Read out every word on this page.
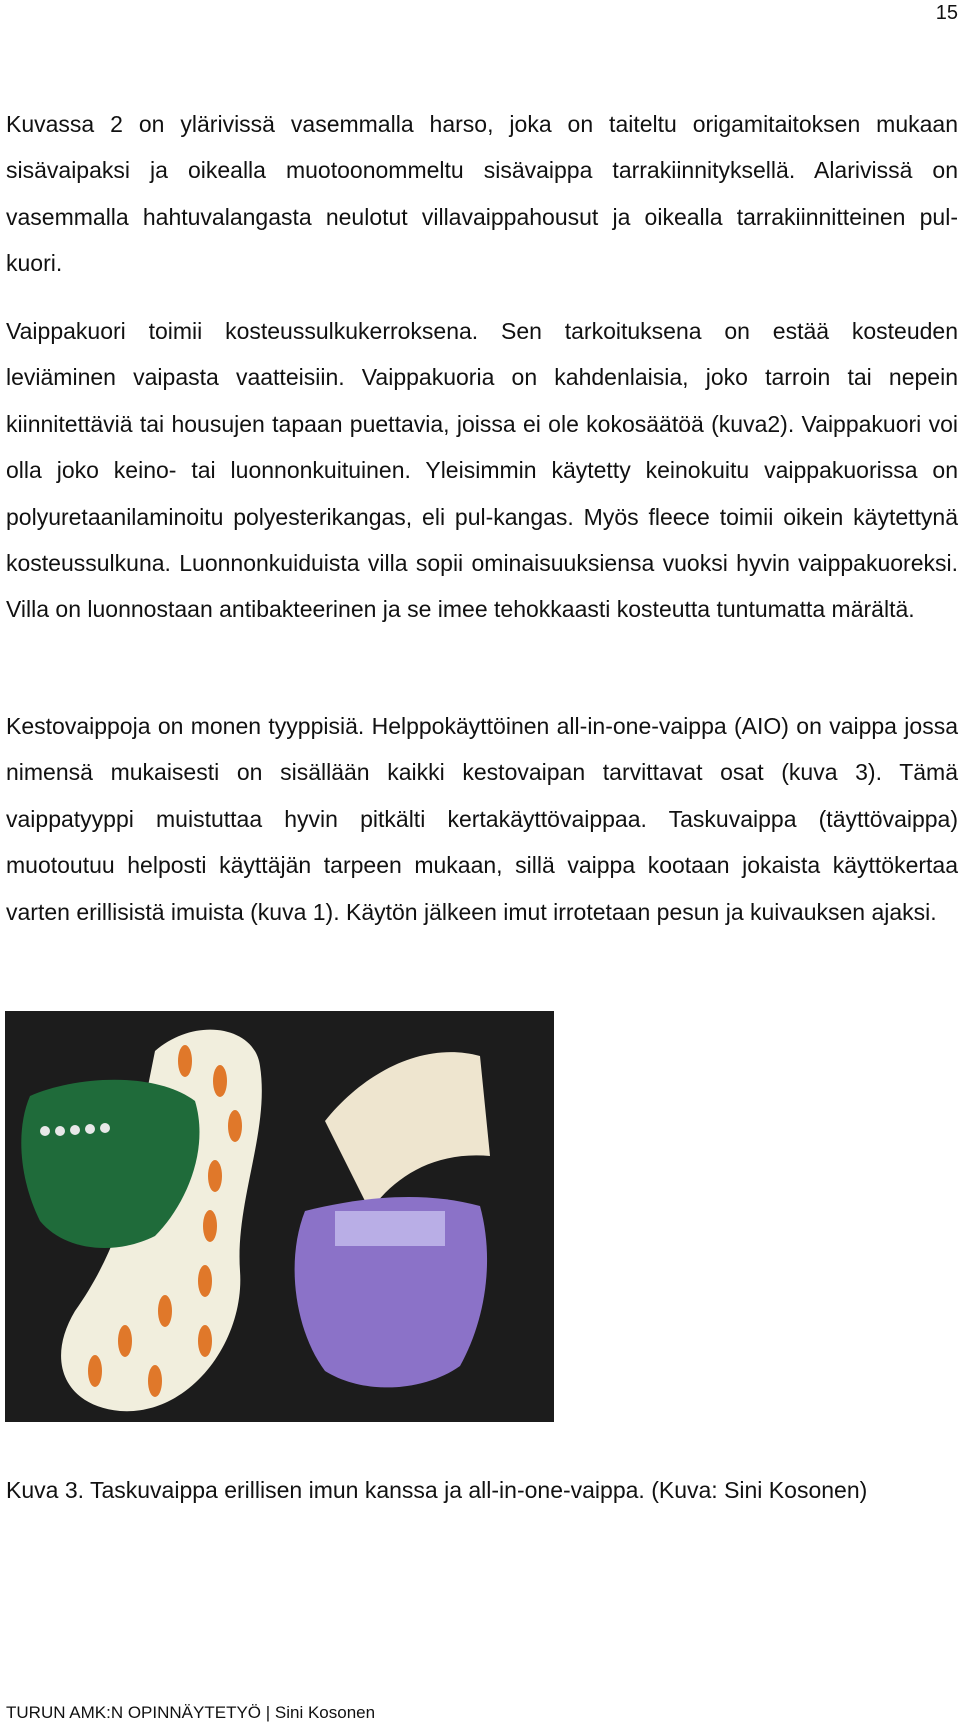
15

Kuvassa 2 on ylärivissä vasemmalla harso, joka on taiteltu origamitaitoksen mukaan sisävaipaksi ja oikealla muotoonommeltu sisävaippa tarrakiinnityksellä. Alarivissä on vasemmalla hahtuvalangasta neulotut villavaippahousut ja oikealla tarrakiinnitteinen pul-kuori.

Vaippakuori toimii kosteussulkukerroksena. Sen tarkoituksena on estää kosteuden leviäminen vaipasta vaatteisiin. Vaippakuoria on kahdenlaisia, joko tarroin tai nepein kiinnitettäviä tai housujen tapaan puettavia, joissa ei ole kokosäätöä (kuva2). Vaippakuori voi olla joko keino- tai luonnonkuituinen. Yleisimmin käytetty keinokuitu vaippakuorissa on polyuretaanilaminoitu polyesterikangas, eli pul-kangas. Myös fleece toimii oikein käytettynä kosteussulkuna. Luonnonkuiduista villa sopii ominaisuuksiensa vuoksi hyvin vaippakuoreksi. Villa on luonnostaan antibakteerinen ja se imee tehokkaasti kosteutta tuntumatta märältä.

Kestovaippoja on monen tyyppisiä. Helppokäyttöinen all-in-one-vaippa (AIO) on vaippa jossa nimensä mukaisesti on sisällään kaikki kestovaipan tarvittavat osat (kuva 3). Tämä vaippatyyppi muistuttaa hyvin pitkälti kertakäyttövaippaa. Taskuvaippa (täyttövaippa) muotoutuu helposti käyttäjän tarpeen mukaan, sillä vaippa kootaan jokaista käyttökertaa varten erillisistä imuista (kuva 1). Käytön jälkeen imut irrotetaan pesun ja kuivauksen ajaksi.

Kuva 3. Taskuvaippa erillisen imun kanssa ja all-in-one-vaippa. (Kuva: Sini Kosonen)

TURUN AMK:N OPINNÄYTETYÖ | Sini Kosonen
